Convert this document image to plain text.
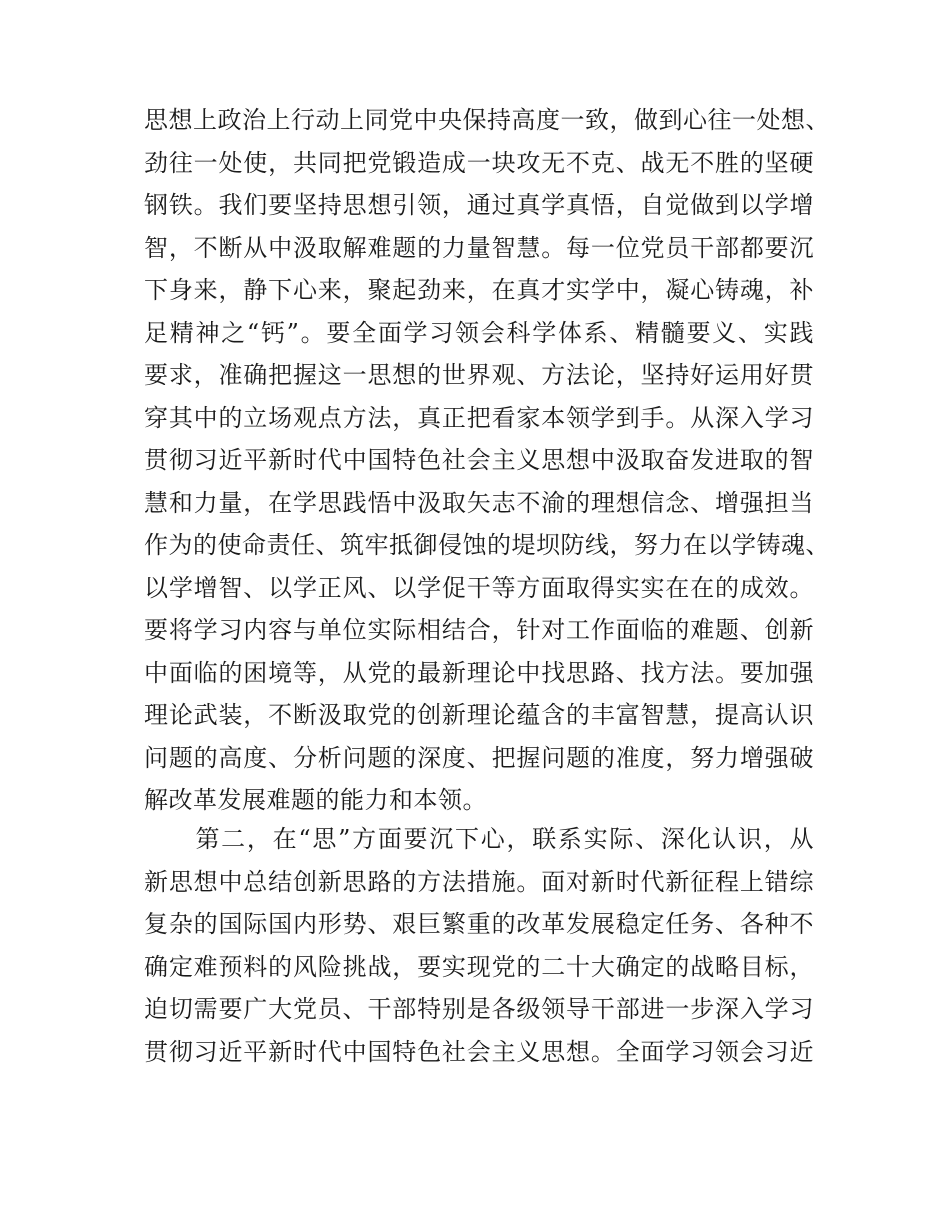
思想上政治上行动上同党中央保持高度一致，做到心往一处想、
劲往一处使，共同把党锻造成一块攻无不克、战无不胜的坚硬
钢铁。我们要坚持思想引领，通过真学真悟，自觉做到以学增
智，不断从中汲取解难题的力量智慧。每一位党员干部都要沉
下身来，静下心来，聚起劲来，在真才实学中，凝心铸魂，补
足精神之“钙”。要全面学习领会科学体系、精髓要义、实践
要求，准确把握这一思想的世界观、方法论，坚持好运用好贯
穿其中的立场观点方法，真正把看家本领学到手。从深入学习
贯彻习近平新时代中国特色社会主义思想中汲取奋发进取的智
慧和力量，在学思践悟中汲取矢志不渝的理想信念、增强担当
作为的使命责任、筑牢抵御侵蚀的堤坝防线，努力在以学铸魂、
以学增智、以学正风、以学促干等方面取得实实在在的成效。
要将学习内容与单位实际相结合，针对工作面临的难题、创新
中面临的困境等，从党的最新理论中找思路、找方法。要加强
理论武装，不断汲取党的创新理论蕴含的丰富智慧，提高认识
问题的高度、分析问题的深度、把握问题的准度，努力增强破
解改革发展难题的能力和本领。
　　第二，在“思”方面要沉下心，联系实际、深化认识，从
新思想中总结创新思路的方法措施。面对新时代新征程上错综
复杂的国际国内形势、艰巨繁重的改革发展稳定任务、各种不
确定难预料的风险挑战，要实现党的二十大确定的战略目标，
迫切需要广大党员、干部特别是各级领导干部进一步深入学习
贯彻习近平新时代中国特色社会主义思想。全面学习领会习近
